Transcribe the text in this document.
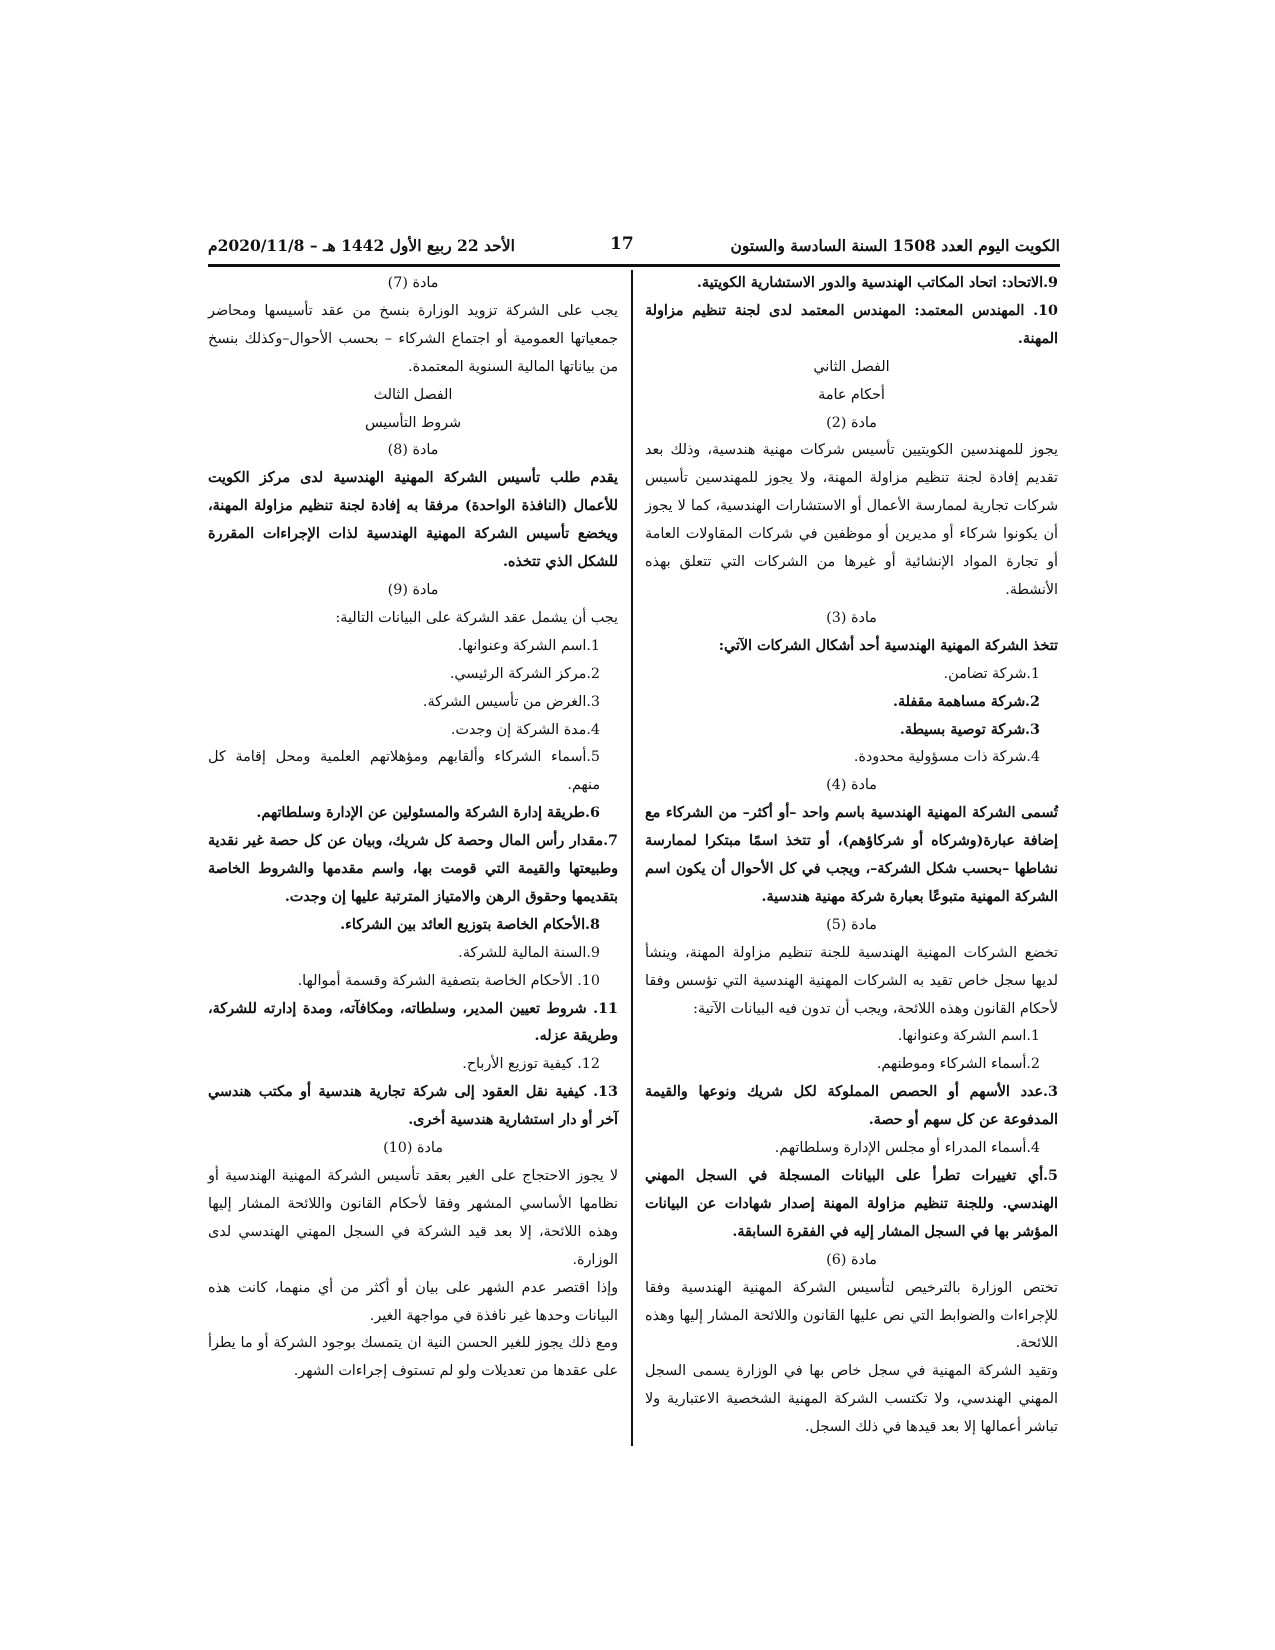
الكويت اليوم العدد 1508 السنة السادسة والستون
17
الأحد 22 ربيع الأول 1442 هـ – 2020/11/8م

9.الاتحاد: اتحاد المكاتب الهندسية والدور الاستشارية الكويتية.

10. المهندس المعتمد: المهندس المعتمد لدى لجنة تنظيم مزاولة المهنة.

الفصل الثاني

أحكام عامة

مادة (2)

يجوز للمهندسين الكويتيين تأسيس شركات مهنية هندسية، وذلك بعد تقديم إفادة لجنة تنظيم مزاولة المهنة، ولا يجوز للمهندسين تأسيس شركات تجارية لممارسة الأعمال أو الاستشارات الهندسية، كما لا يجوز أن يكونوا شركاء أو مديرين أو موظفين في شركات المقاولات العامة أو تجارة المواد الإنشائية أو غيرها من الشركات التي تتعلق بهذه الأنشطة.

مادة (3)

تتخذ الشركة المهنية الهندسية أحد أشكال الشركات الآتي:

1.شركة تضامن.

2.شركة مساهمة مقفلة.

3.شركة توصية بسيطة.

4.شركة ذات مسؤولية محدودة.

مادة (4)

تُسمى الشركة المهنية الهندسية باسم واحد –أو أكثر– من الشركاء مع إضافة عبارة(وشركاه أو شركاؤهم)، أو تتخذ اسمًا مبتكرا لممارسة نشاطها –بحسب شكل الشركة–، ويجب في كل الأحوال أن يكون اسم الشركة المهنية متبوعًا بعبارة شركة مهنية هندسية.

مادة (5)

تخضع الشركات المهنية الهندسية للجنة تنظيم مزاولة المهنة، وينشأ لديها سجل خاص تقيد به الشركات المهنية الهندسية التي تؤسس وفقا لأحكام القانون وهذه اللائحة، ويجب أن تدون فيه البيانات الآتية:

1.اسم الشركة وعنوانها.

2.أسماء الشركاء وموطنهم.

3.عدد الأسهم أو الحصص المملوكة لكل شريك ونوعها والقيمة المدفوعة عن كل سهم أو حصة.

4.أسماء المدراء أو مجلس الإدارة وسلطاتهم.

5.أي تغييرات تطرأ على البيانات المسجلة في السجل المهني الهندسي. وللجنة تنظيم مزاولة المهنة إصدار شهادات عن البيانات المؤشر بها في السجل المشار إليه في الفقرة السابقة.

مادة (6)

تختص الوزارة بالترخيص لتأسيس الشركة المهنية الهندسية وفقا للإجراءات والضوابط التي نص عليها القانون واللائحة المشار إليها وهذه اللائحة.

وتقيد الشركة المهنية في سجل خاص بها في الوزارة يسمى السجل المهني الهندسي، ولا تكتسب الشركة المهنية الشخصية الاعتبارية ولا تباشر أعمالها إلا بعد قيدها في ذلك السجل.

مادة (7)

يجب على الشركة تزويد الوزارة بنسخ من عقد تأسيسها ومحاضر جمعياتها العمومية أو اجتماع الشركاء – بحسب الأحوال–وكذلك بنسخ من بياناتها المالية السنوية المعتمدة.

الفصل الثالث

شروط التأسيس

مادة (8)

يقدم طلب تأسيس الشركة المهنية الهندسية لدى مركز الكويت للأعمال (النافذة الواحدة) مرفقا به إفادة لجنة تنظيم مزاولة المهنة، ويخضع تأسيس الشركة المهنية الهندسية لذات الإجراءات المقررة للشكل الذي تتخذه.

مادة (9)

يجب أن يشمل عقد الشركة على البيانات التالية:

1.اسم الشركة وعنوانها.

2.مركز الشركة الرئيسي.

3.الغرض من تأسيس الشركة.

4.مدة الشركة إن وجدت.

5.أسماء الشركاء وألقابهم ومؤهلاتهم العلمية ومحل إقامة كل منهم.

6.طريقة إدارة الشركة والمسئولين عن الإدارة وسلطاتهم.

7.مقدار رأس المال وحصة كل شريك، وبيان عن كل حصة غير نقدية وطبيعتها والقيمة التي قومت بها، واسم مقدمها والشروط الخاصة بتقديمها وحقوق الرهن والامتياز المترتبة عليها إن وجدت.

8.الأحكام الخاصة بتوزيع العائد بين الشركاء.

9.السنة المالية للشركة.

10. الأحكام الخاصة بتصفية الشركة وقسمة أموالها.

11. شروط تعيين المدير، وسلطاته، ومكافآته، ومدة إدارته للشركة، وطريقة عزله.

12. كيفية توزيع الأرباح.

13. كيفية نقل العقود إلى شركة تجارية هندسية أو مكتب هندسي آخر أو دار استشارية هندسية أخرى.

مادة (10)

لا يجوز الاحتجاج على الغير بعقد تأسيس الشركة المهنية الهندسية أو نظامها الأساسي المشهر وفقا لأحكام القانون واللائحة المشار إليها وهذه اللائحة، إلا بعد قيد الشركة في السجل المهني الهندسي لدى الوزارة.

وإذا اقتصر عدم الشهر على بيان أو أكثر من أي منهما، كانت هذه البيانات وحدها غير نافذة في مواجهة الغير.

ومع ذلك يجوز للغير الحسن النية ان يتمسك بوجود الشركة أو ما يطرأ على عقدها من تعديلات ولو لم تستوف إجراءات الشهر.
